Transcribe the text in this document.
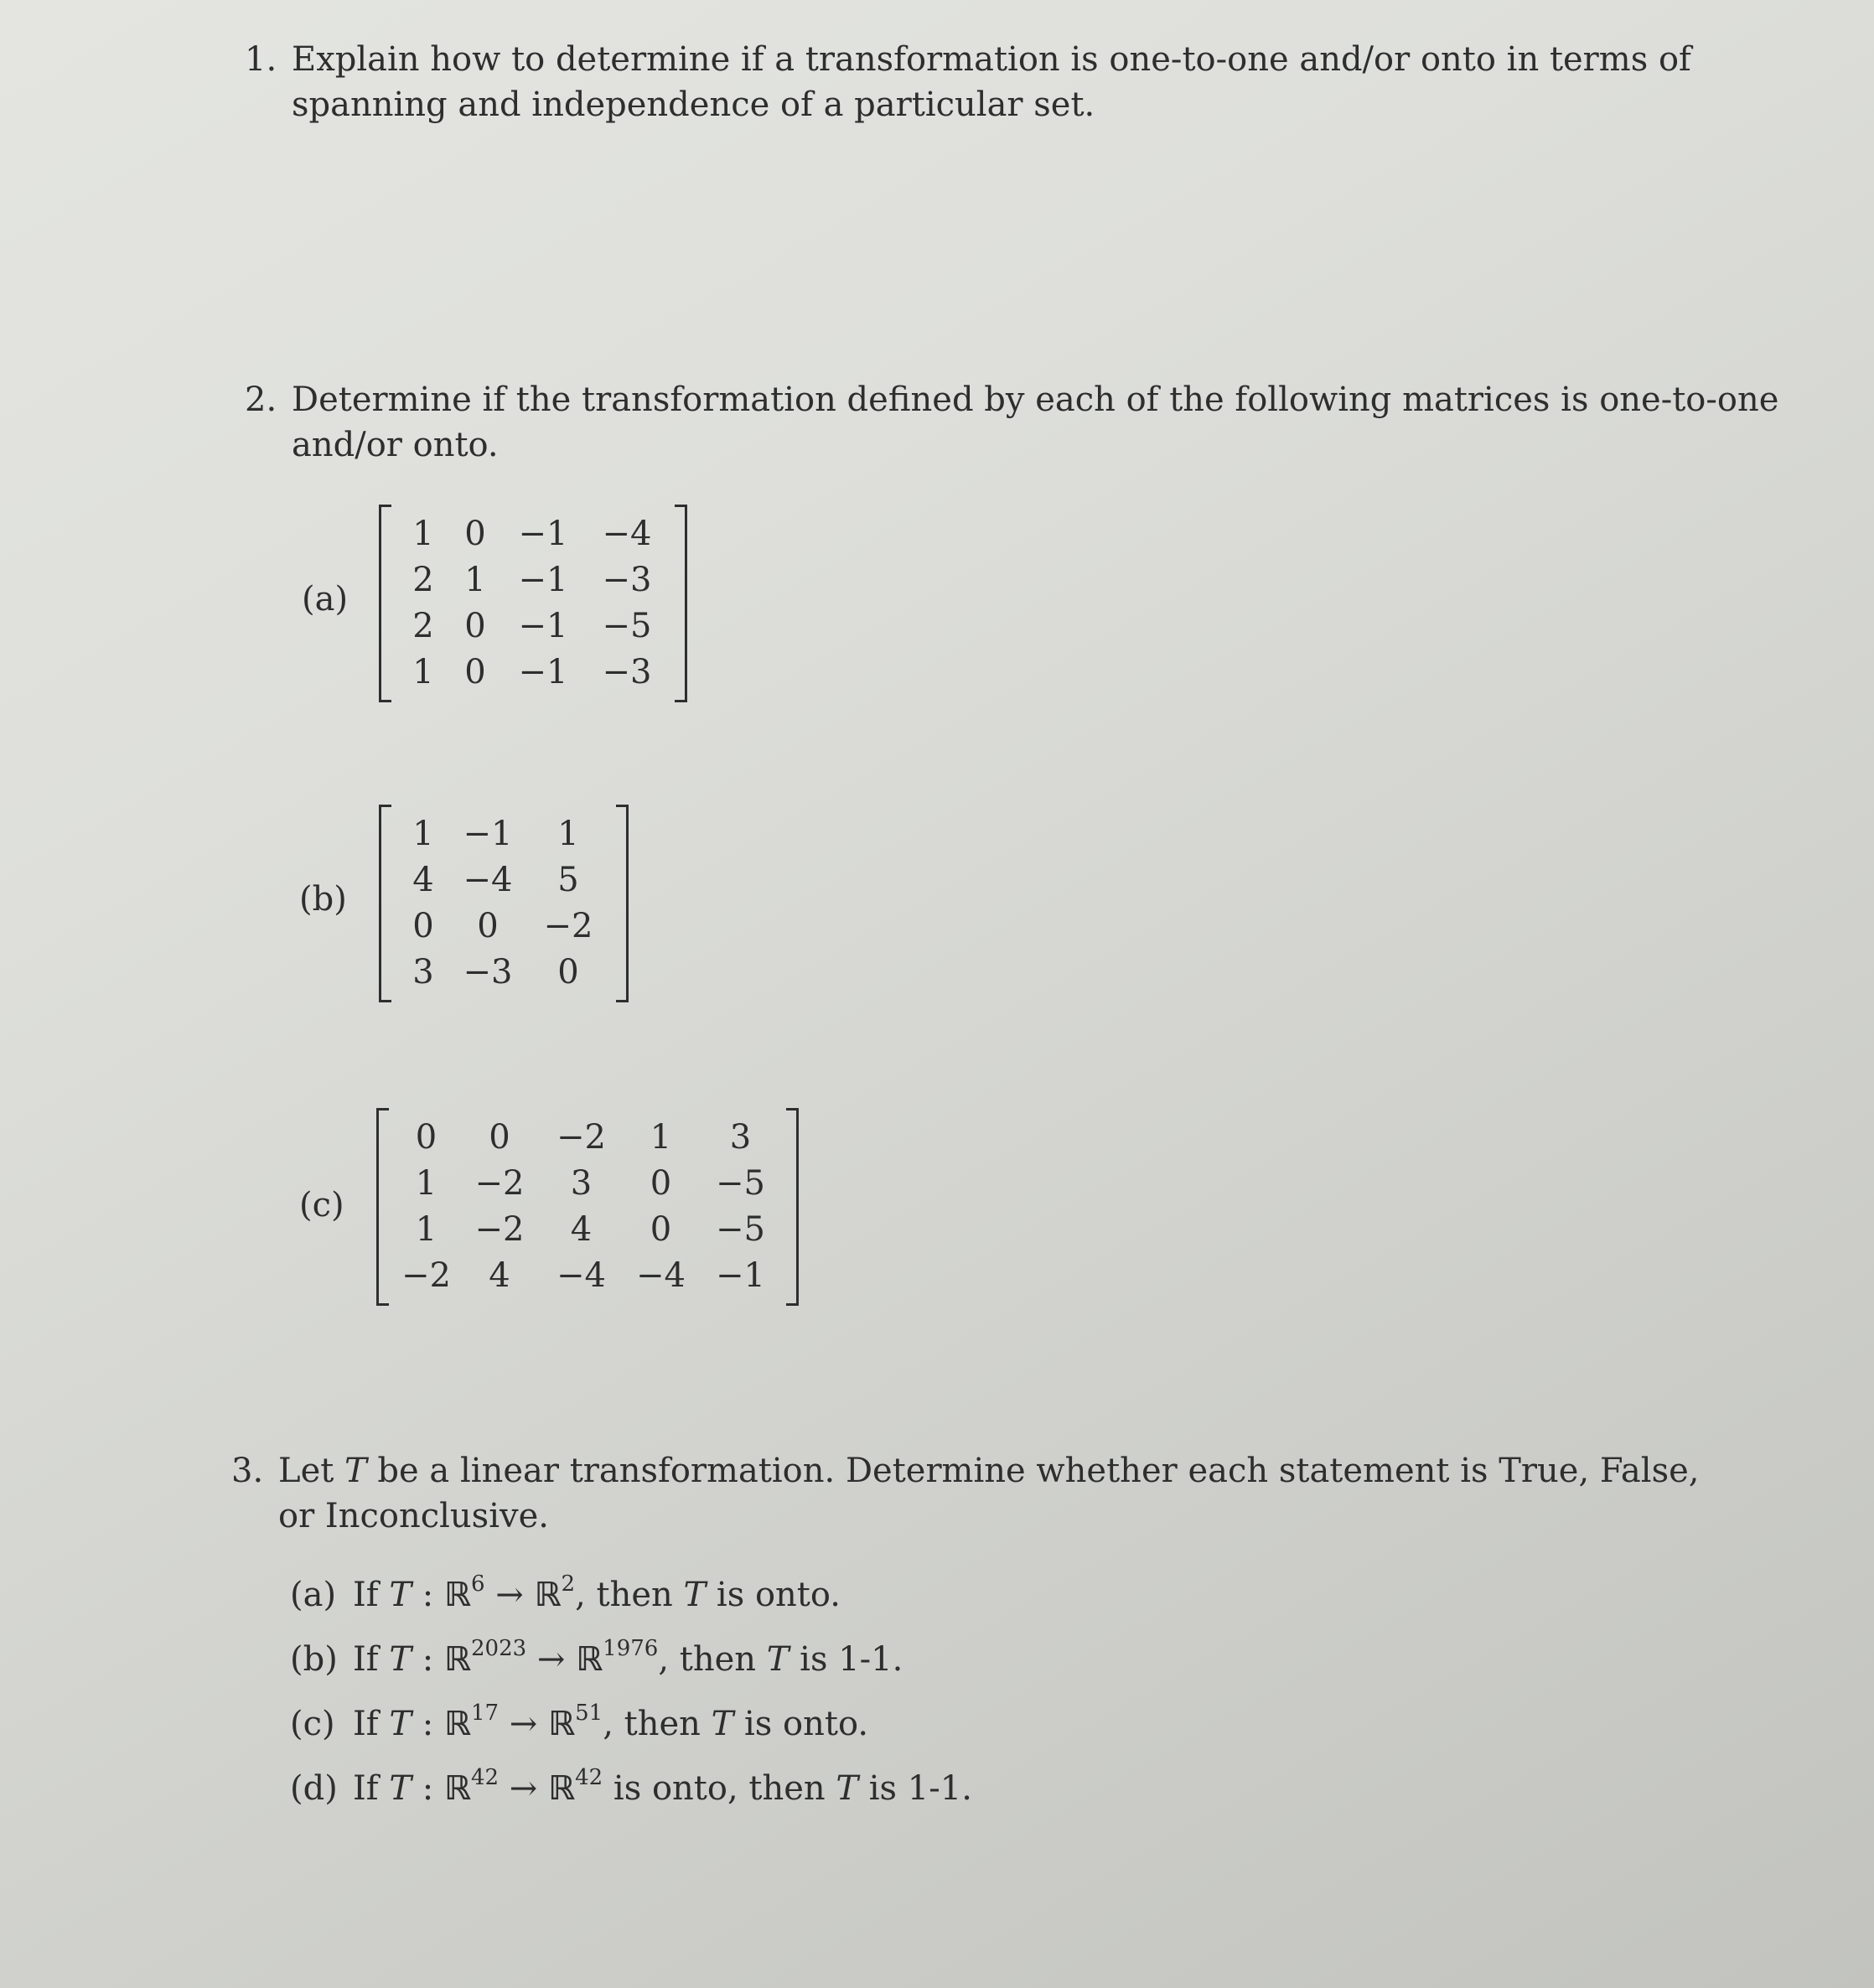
1. Explain how to determine if a transformation is one-to-one and/or onto in terms of
spanning and independence of a particular set.
2. Determine if the transformation defined by each of the following matrices is one-to-one
and/or onto.
(a)
1 0 −1	−4
2 1 −1	−3
2 0 −1	−5
1 0 −1	−3
(b)
1 −1	1
4 −4	5
0	0	−2
3 −3	0
(c)
0	0	−2	1	3
1	−2	3	0	−5
1	−2	4	0	−5
−2	4	−4 −4 −1
3. Let T be a linear transformation. Determine whether each statement is True, False,
or Inconclusive.
(a) If T : ℝ$^6$ → ℝ$^2$, then T is onto.
(b) If T : ℝ$^{2023}$ → ℝ$^{1976}$, then T is 1-1.
(c) If T : ℝ$^{17}$ → ℝ$^{51}$, then T is onto.
(d) If T : ℝ$^{42}$ → ℝ$^{42}$ is onto, then T is 1-1.
